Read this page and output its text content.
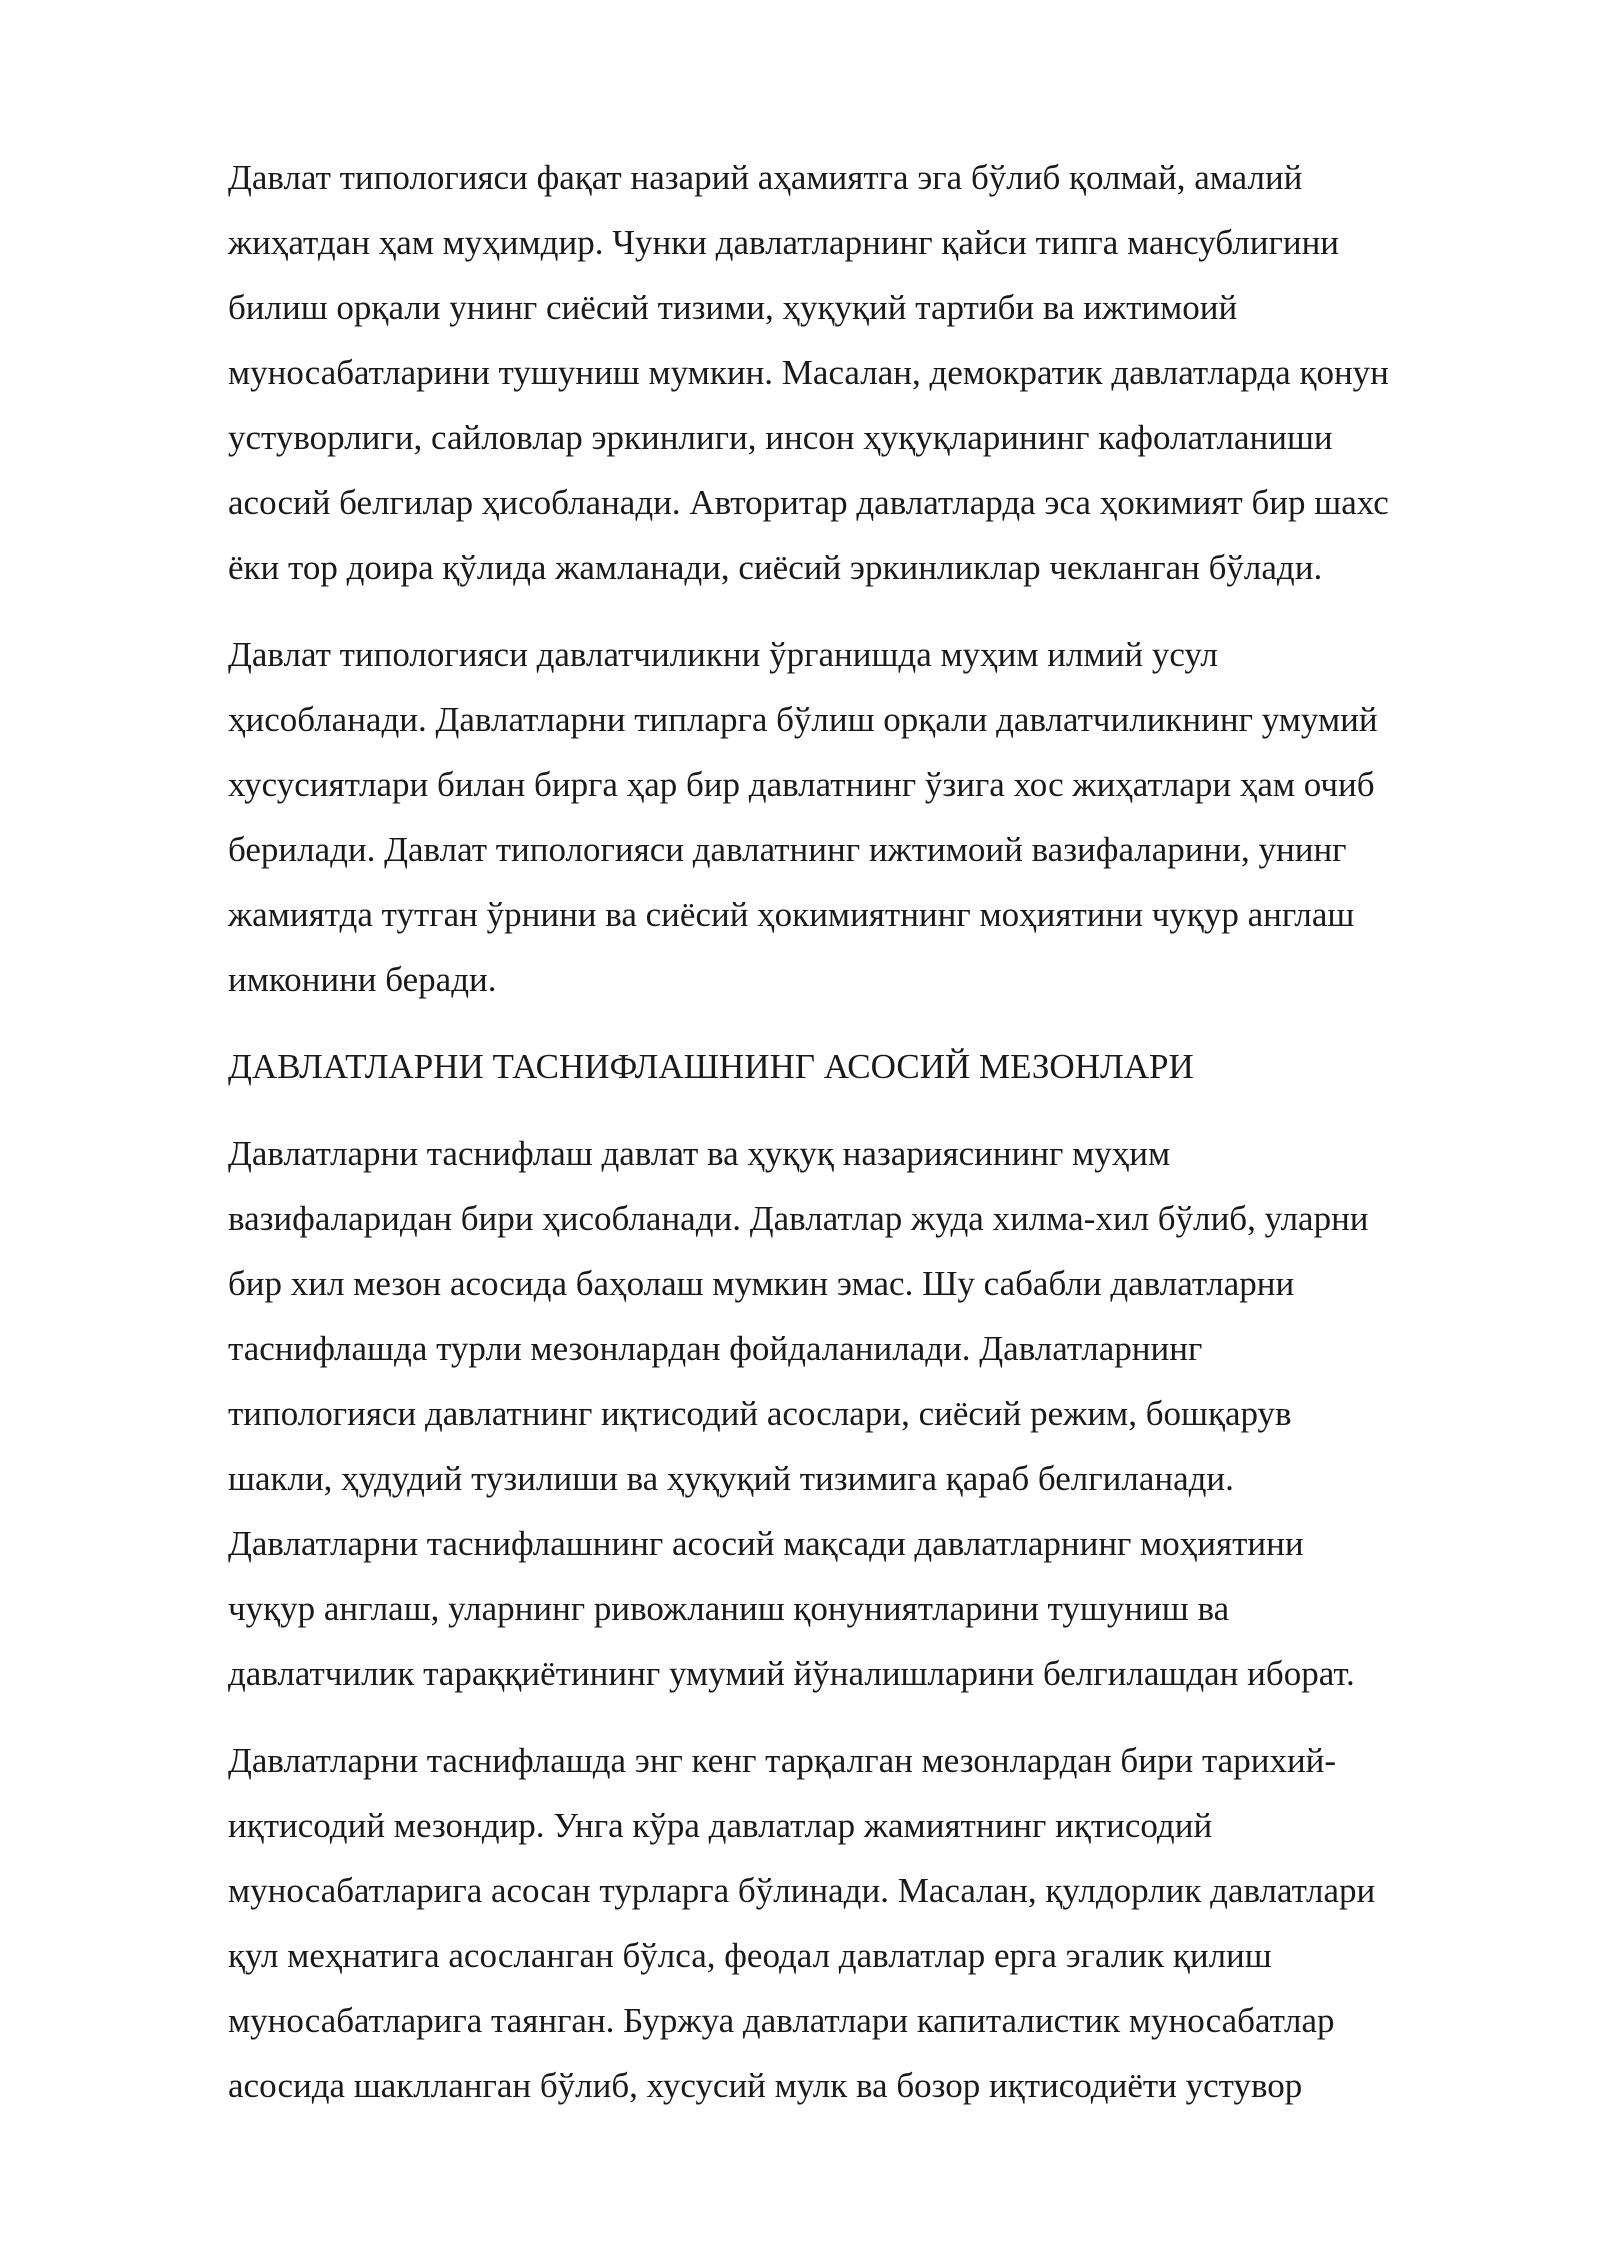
Давлат типологияси фақат назарий аҳамиятга эга бўлиб қолмай, амалий
жиҳатдан ҳам муҳимдир. Чунки давлатларнинг қайси типга мансублигини
билиш орқали унинг сиёсий тизими, ҳуқуқий тартиби ва ижтимоий
муносабатларини тушуниш мумкин. Масалан, демократик давлатларда қонун
устуворлиги, сайловлар эркинлиги, инсон ҳуқуқларининг кафолатланиши
асосий белгилар ҳисобланади. Авторитар давлатларда эса ҳокимият бир шахс
ёки тор доира қўлида жамланади, сиёсий эркинликлар чекланган бўлади.
Давлат типологияси давлатчиликни ўрганишда муҳим илмий усул
ҳисобланади. Давлатларни типларга бўлиш орқали давлатчиликнинг умумий
хусусиятлари билан бирга ҳар бир давлатнинг ўзига хос жиҳатлари ҳам очиб
берилади. Давлат типологияси давлатнинг ижтимоий вазифаларини, унинг
жамиятда тутган ўрнини ва сиёсий ҳокимиятнинг моҳиятини чуқур англаш
имконини беради.
ДАВЛАТЛАРНИ ТАСНИФЛАШНИНГ АСОСИЙ МЕЗОНЛАРИ
Давлатларни таснифлаш давлат ва ҳуқуқ назариясининг муҳим
вазифаларидан бири ҳисобланади. Давлатлар жуда хилма-хил бўлиб, уларни
бир хил мезон асосида баҳолаш мумкин эмас. Шу сабабли давлатларни
таснифлашда турли мезонлардан фойдаланилади. Давлатларнинг
типологияси давлатнинг иқтисодий асослари, сиёсий режим, бошқарув
шакли, ҳудудий тузилиши ва ҳуқуқий тизимига қараб белгиланади.
Давлатларни таснифлашнинг асосий мақсади давлатларнинг моҳиятини
чуқур англаш, уларнинг ривожланиш қонуниятларини тушуниш ва
давлатчилик тараққиётининг умумий йўналишларини белгилашдан иборат.
Давлатларни таснифлашда энг кенг тарқалган мезонлардан бири тарихий-
иқтисодий мезондир. Унга кўра давлатлар жамиятнинг иқтисодий
муносабатларига асосан турларга бўлинади. Масалан, қулдорлик давлатлари
қул меҳнатига асосланган бўлса, феодал давлатлар ерга эгалик қилиш
муносабатларига таянган. Буржуа давлатлари капиталистик муносабатлар
асосида шаклланган бўлиб, хусусий мулк ва бозор иқтисодиёти устувор
